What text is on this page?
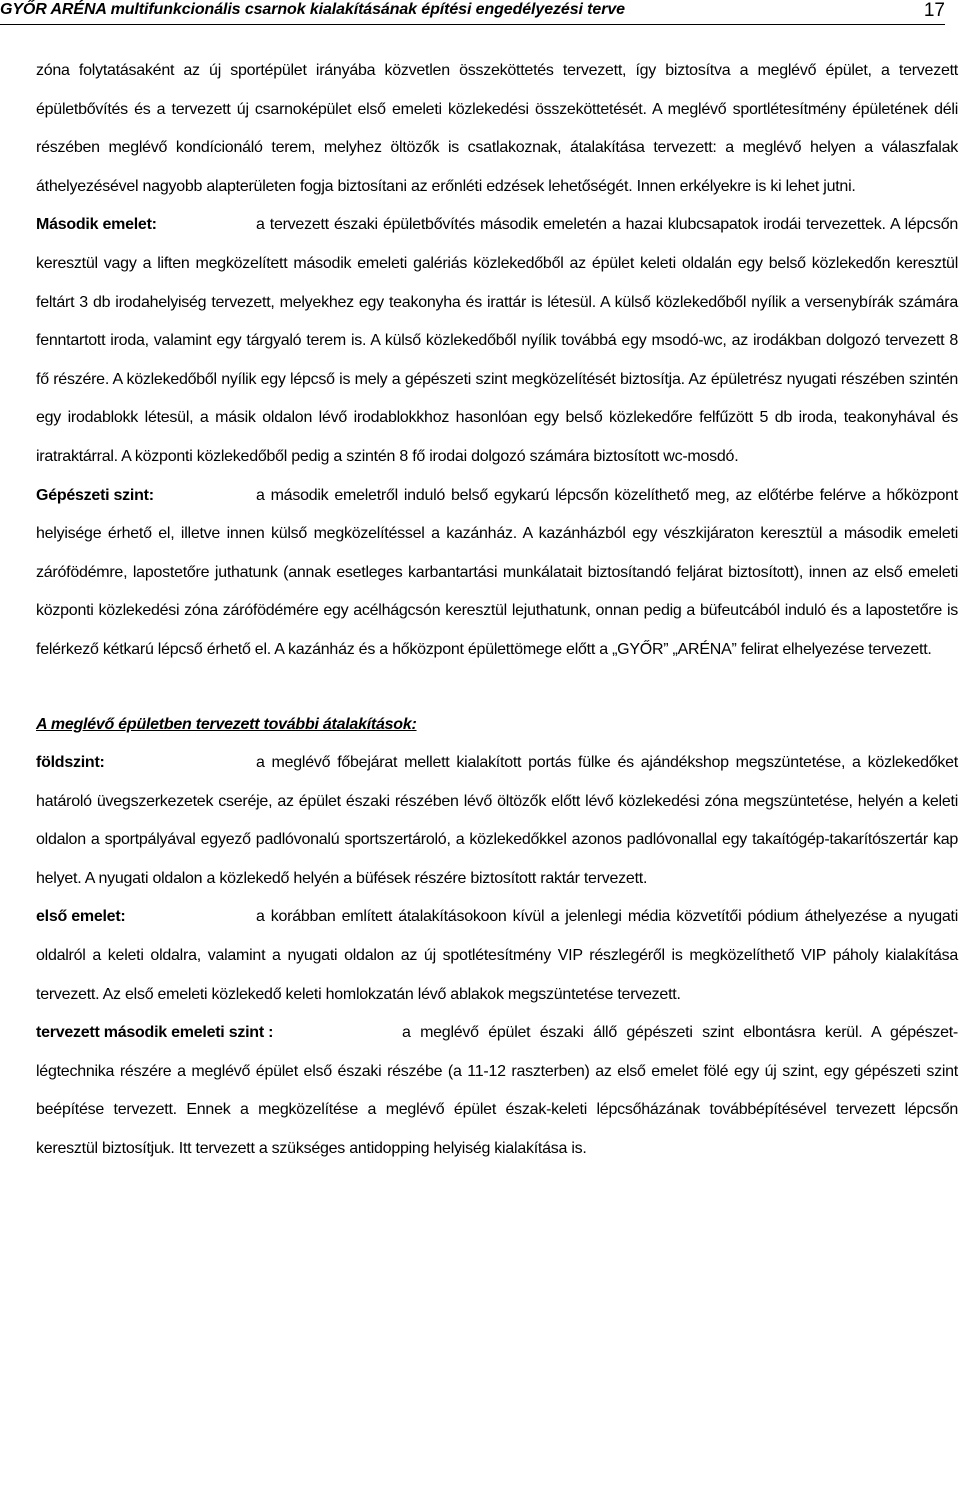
GYŐR ARÉNA multifunkcionális csarnok kialakításának építési engedélyezési terve	17

zóna folytatásaként az új sportépület irányába közvetlen összeköttetés tervezett, így biztosítva a meglévő épület, a tervezett épületbővítés és a tervezett új csarnoképület első emeleti közlekedési összeköttetését. A meglévő sportlétesítmény épületének déli részében meglévő kondícionáló terem, melyhez öltözők is csatlakoznak, átalakítása tervezett: a meglévő helyen a válaszfalak áthelyezésével nagyobb alapterületen fogja biztosítani az erőnléti edzések lehetőségét. Innen erkélyekre is ki lehet jutni.

Második emelet:	a tervezett északi épületbővítés második emeletén a hazai klubcsapatok irodái tervezettek. A lépcsőn keresztül vagy a liften megközelített második emeleti galériás közlekedőből az épület keleti oldalán egy belső közlekedőn keresztül feltárt 3 db irodahelyiség tervezett, melyekhez egy teakonyha és irattár is létesül. A külső közlekedőből nyílik a versenybírák számára fenntartott iroda, valamint egy tárgyaló terem is. A külső közlekedőből nyílik továbbá egy msodó-wc, az irodákban dolgozó tervezett 8 fő részére. A közlekedőből nyílik egy lépcső is mely a gépészeti szint megközelítését biztosítja. Az épületrész nyugati részében szintén egy irodablokk létesül, a másik oldalon lévő irodablokkhoz hasonlóan egy belső közlekedőre felfűzött 5 db iroda, teakonyhával és iratraktárral. A központi közlekedőből pedig a szintén 8 fő irodai dolgozó számára biztosított wc-mosdó.

Gépészeti szint:	a második emeletről induló belső egykarú lépcsőn közelíthető meg, az előtérbe felérve a hőközpont helyisége érhető el, illetve innen külső megközelítéssel a kazánház. A kazánházból egy vészkijáraton keresztül a második emeleti zárófödémre, lapostetőre juthatunk (annak esetleges karbantartási munkálatait biztosítandó feljárat biztosított), innen az első emeleti központi közlekedési zóna zárófödémére egy acélhágcsón keresztül lejuthatunk, onnan pedig a büfeutcából induló és a lapostetőre is felérkező kétkarú lépcső érhető el. A kazánház és a hőközpont épülettömege előtt a „GYŐR” „ARÉNA” felirat elhelyezése tervezett.

A meglévő épületben tervezett további átalakítások:

földszint:	a meglévő főbejárat mellett kialakított portás fülke és ajándékshop megszüntetése, a közlekedőket határoló üvegszerkezetek cseréje, az épület északi részében lévő öltözők előtt lévő közlekedési zóna megszüntetése, helyén a keleti oldalon a sportpályával egyező padlóvonalú sportszertároló, a közlekedőkkel azonos padlóvonallal egy takaítógép-takarítószertár kap helyet. A nyugati oldalon a közlekedő helyén a büfések részére biztosított raktár tervezett.

első emelet:	a korábban említett átalakításokoon kívül a jelenlegi média közvetítői pódium áthelyezése a nyugati oldalról a keleti oldalra, valamint a nyugati oldalon az új spotlétesítmény VIP részlegéről is megközelíthető VIP páholy kialakítása tervezett. Az első emeleti közlekedő keleti homlokzatán lévő ablakok megszüntetése tervezett.

tervezett második emeleti szint :	a meglévő épület északi állő gépészeti szint elbontásra kerül. A gépészet-légtechnika részére a meglévő épület első északi részébe (a 11-12 raszterben) az első emelet fölé egy új szint, egy gépészeti szint beépítése tervezett. Ennek a megközelítése a meglévő épület észak-keleti lépcsőházának továbbépítésével tervezett lépcsőn keresztül biztosítjuk. Itt tervezett a szükséges antidopping helyiség kialakítása is.
